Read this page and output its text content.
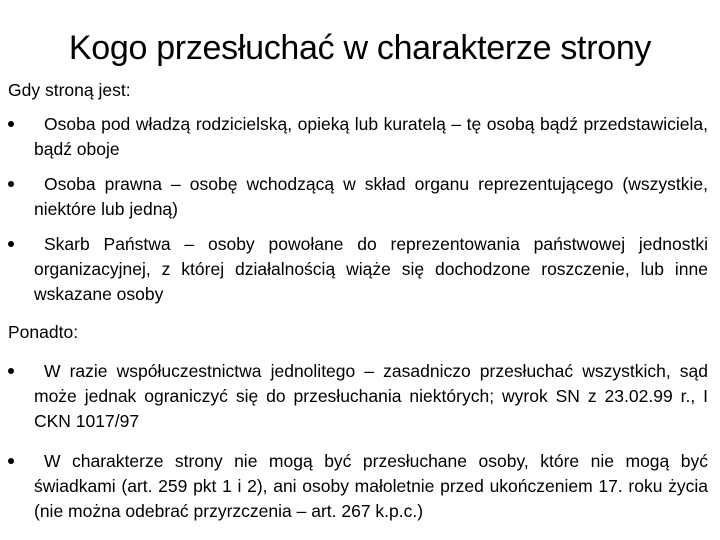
Kogo przesłuchać w charakterze strony
Gdy stroną jest:
Osoba pod władzą rodzicielską, opieką lub kuratelą – tę osobą bądź przedstawiciela, bądź oboje
Osoba prawna – osobę wchodzącą w skład organu reprezentującego (wszystkie, niektóre lub jedną)
Skarb Państwa – osoby powołane do reprezentowania państwowej jednostki organizacyjnej, z której działalnością wiąże się dochodzone roszczenie, lub inne wskazane osoby
Ponadto:
W razie współuczestnictwa jednolitego – zasadniczo przesłuchać wszystkich, sąd może jednak ograniczyć się do przesłuchania niektórych; wyrok SN z 23.02.99 r., I CKN 1017/97
W charakterze strony nie mogą być przesłuchane osoby, które nie mogą być świadkami (art. 259 pkt 1 i 2), ani osoby małoletnie przed ukończeniem 17. roku życia (nie można odebrać przyrzczenia – art. 267 k.p.c.)
